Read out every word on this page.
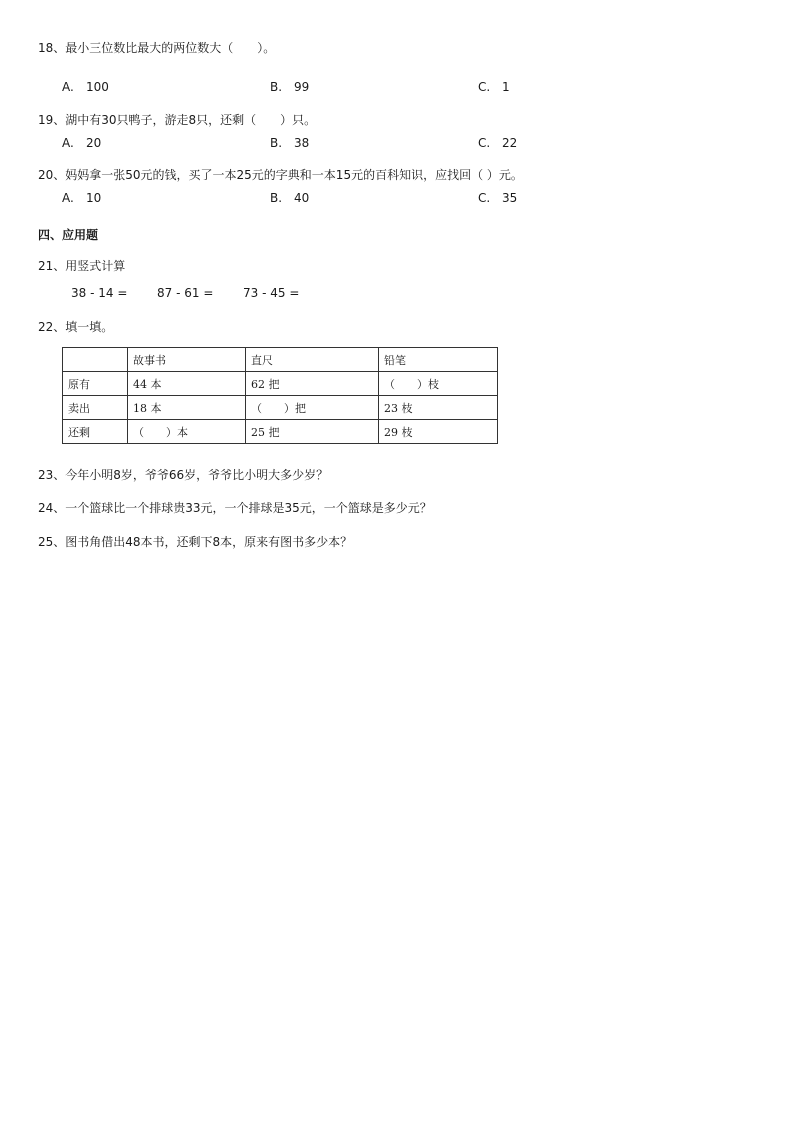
18、最小三位数比最大的两位数大（　　）。
A. 100	B. 99	C. 1
19、湖中有30只鸭子，游走8只，还剩（　　）只。
A. 20	B. 38	C. 22
20、妈妈拿一张50元的钱，买了一本25元的字典和一本15元的百科知识，应找回（ ）元。
A. 10	B. 40	C. 35
四、应用题
21、用竖式计算
38 - 14 = 87 - 61 = 73 - 45 =
22、填一填。
	故事书	直尺	铅笔
原有	44 本	62 把	（　　）枝
卖出	18 本	（　　）把	23 枝
还剩	（　　）本	25 把	29 枝
23、今年小明8岁，爷爷66岁，爷爷比小明大多少岁？
24、一个篮球比一个排球贵33元，一个排球是35元，一个篮球是多少元？
25、图书角借出48本书，还剩下8本，原来有图书多少本？
